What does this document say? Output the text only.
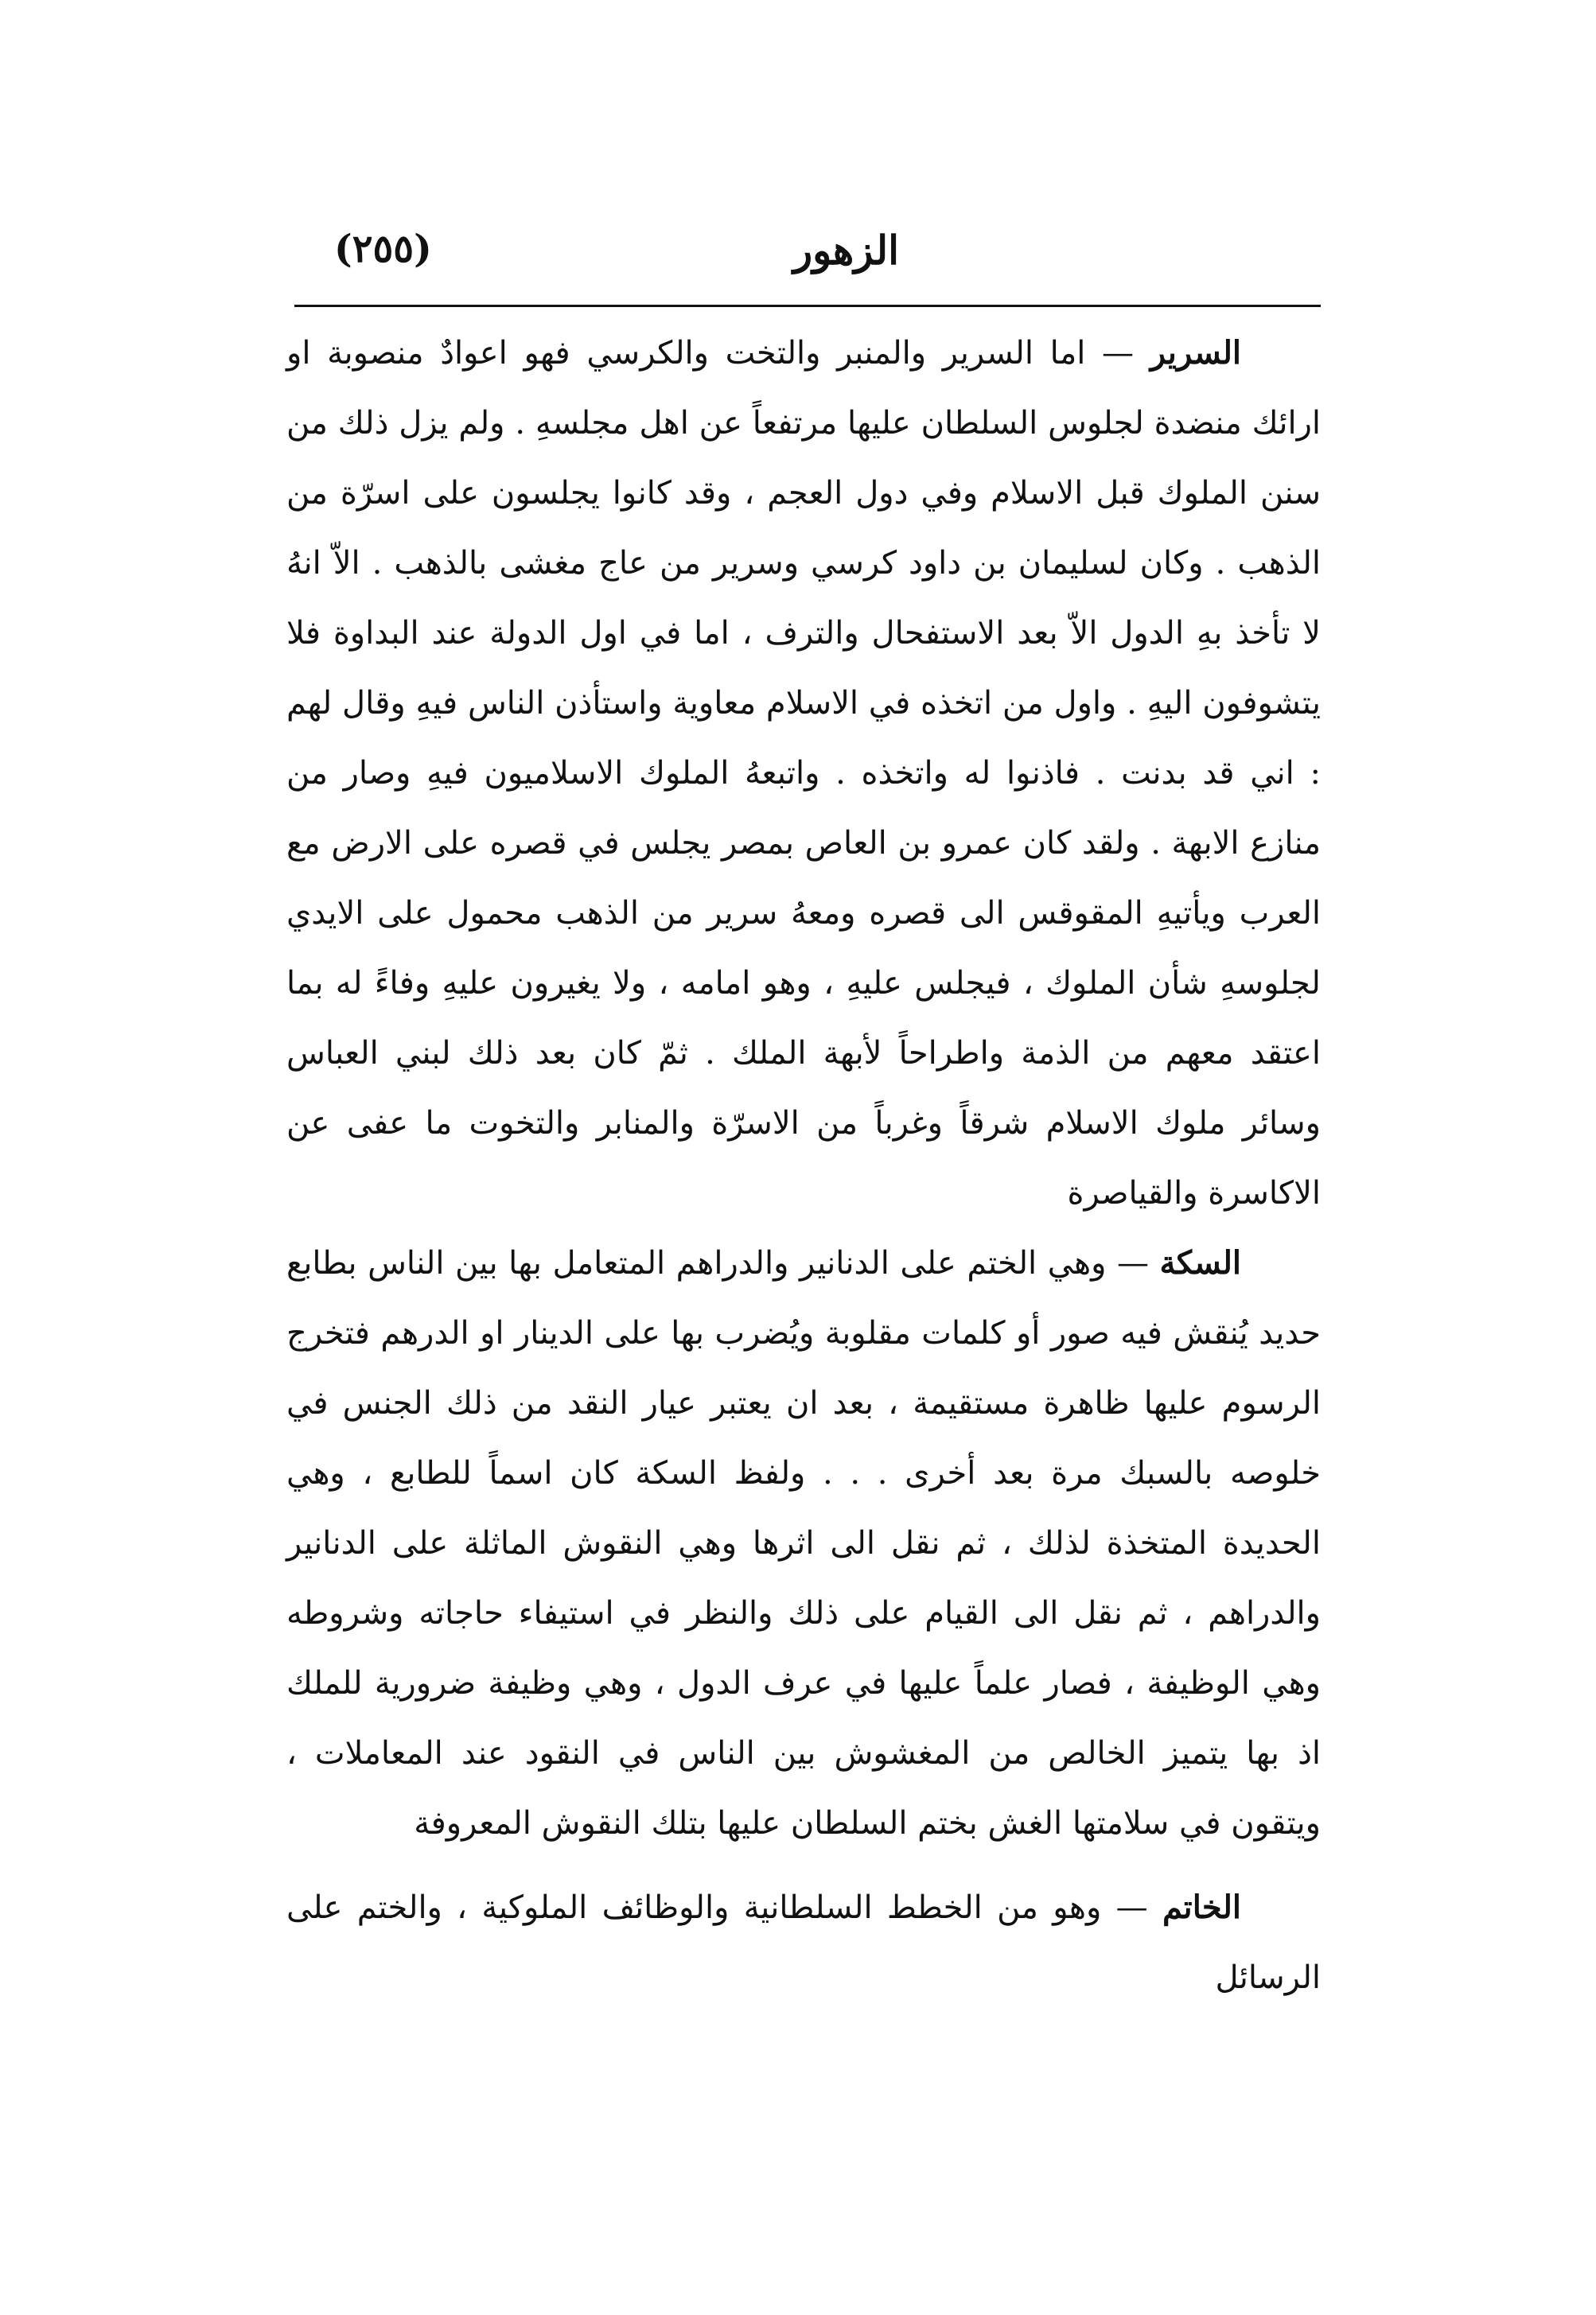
الزهور
(٢٥٥)

السرير — اما السرير والمنبر والتخت والكرسي فهو اعوادٌ منصوبة او ارائك منضدة لجلوس السلطان عليها مرتفعاً عن اهل مجلسهِ . ولم يزل ذلك من سنن الملوك قبل الاسلام وفي دول العجم ، وقد كانوا يجلسون على اسرّة من الذهب . وكان لسليمان بن داود كرسي وسرير من عاج مغشى بالذهب . الاّ انهُ لا تأخذ بهِ الدول الاّ بعد الاستفحال والترف ، اما في اول الدولة عند البداوة فلا يتشوفون اليهِ . واول من اتخذه في الاسلام معاوية واستأذن الناس فيهِ وقال لهم : اني قد بدنت . فاذنوا له واتخذه . واتبعهُ الملوك الاسلاميون فيهِ وصار من منازع الابهة . ولقد كان عمرو بن العاص بمصر يجلس في قصره على الارض مع العرب ويأتيهِ المقوقس الى قصره ومعهُ سرير من الذهب محمول على الايدي لجلوسهِ شأن الملوك ، فيجلس عليهِ ، وهو امامه ، ولا يغيرون عليهِ وفاءً له بما اعتقد معهم من الذمة واطراحاً لأبهة الملك . ثمّ كان بعد ذلك لبني العباس وسائر ملوك الاسلام شرقاً وغرباً من الاسرّة والمنابر والتخوت ما عفى عن الاكاسرة والقياصرة

السكة — وهي الختم على الدنانير والدراهم المتعامل بها بين الناس بطابع حديد يُنقش فيه صور أو كلمات مقلوبة ويُضرب بها على الدينار او الدرهم فتخرج الرسوم عليها ظاهرة مستقيمة ، بعد ان يعتبر عيار النقد من ذلك الجنس في خلوصه بالسبك مرة بعد أخرى . . . ولفظ السكة كان اسماً للطابع ، وهي الحديدة المتخذة لذلك ، ثم نقل الى اثرها وهي النقوش الماثلة على الدنانير والدراهم ، ثم نقل الى القيام على ذلك والنظر في استيفاء حاجاته وشروطه وهي الوظيفة ، فصار علماً عليها في عرف الدول ، وهي وظيفة ضرورية للملك اذ بها يتميز الخالص من المغشوش بين الناس في النقود عند المعاملات ، ويتقون في سلامتها الغش بختم السلطان عليها بتلك النقوش المعروفة

الخاتم — وهو من الخطط السلطانية والوظائف الملوكية ، والختم على الرسائل
